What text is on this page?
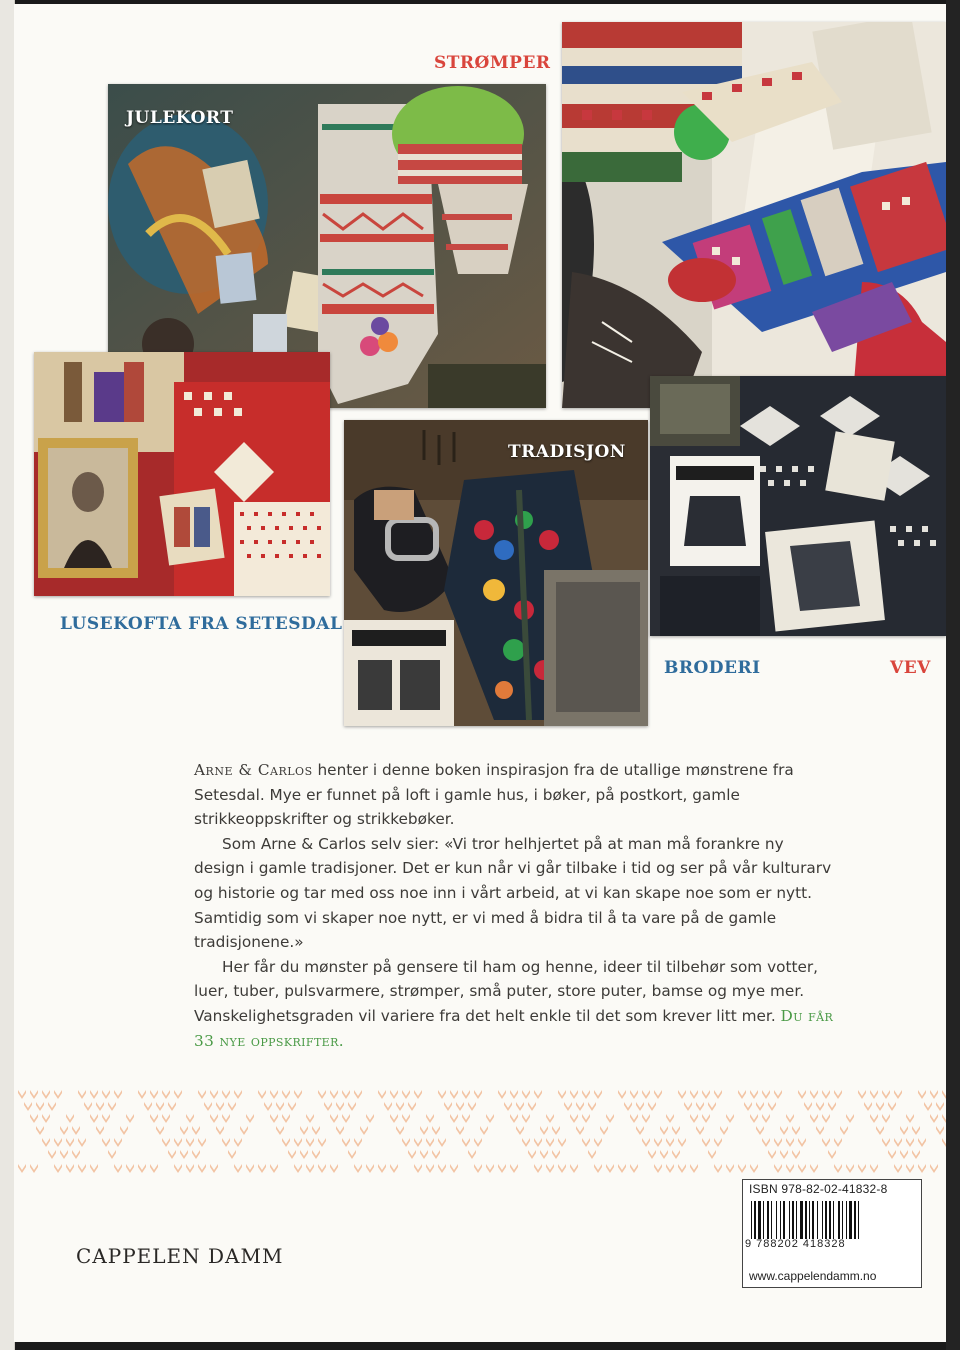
STRØMPER
JULEKORT
LUSEKOFTA FRA SETESDAL
TRADISJON
BRODERI	VEV

Arne & Carlos henter i denne boken inspirasjon fra de utallige mønstrene fra Setesdal. Mye er funnet på loft i gamle hus, i bøker, på postkort, gamle strikkeoppskrifter og strikkebøker.

Som Arne & Carlos selv sier: «Vi tror helhjertet på at man må forankre ny design i gamle tradisjoner. Det er kun når vi går tilbake i tid og ser på vår kulturarv og historie og tar med oss noe inn i vårt arbeid, at vi kan skape noe som er nytt. Samtidig som vi skaper noe nytt, er vi med å bidra til å ta vare på de gamle tradisjonene.»

Her får du mønster på gensere til ham og henne, ideer til tilbehør som votter, luer, tuber, pulsvarmere, strømper, små puter, store puter, bamse og mye mer. Vanskelighetsgraden vil variere fra det helt enkle til det som krever litt mer. Du får 33 nye oppskrifter.

CAPPELEN DAMM
ISBN 978-82-02-41832-8
9 788202 418328
www.cappelendamm.no
